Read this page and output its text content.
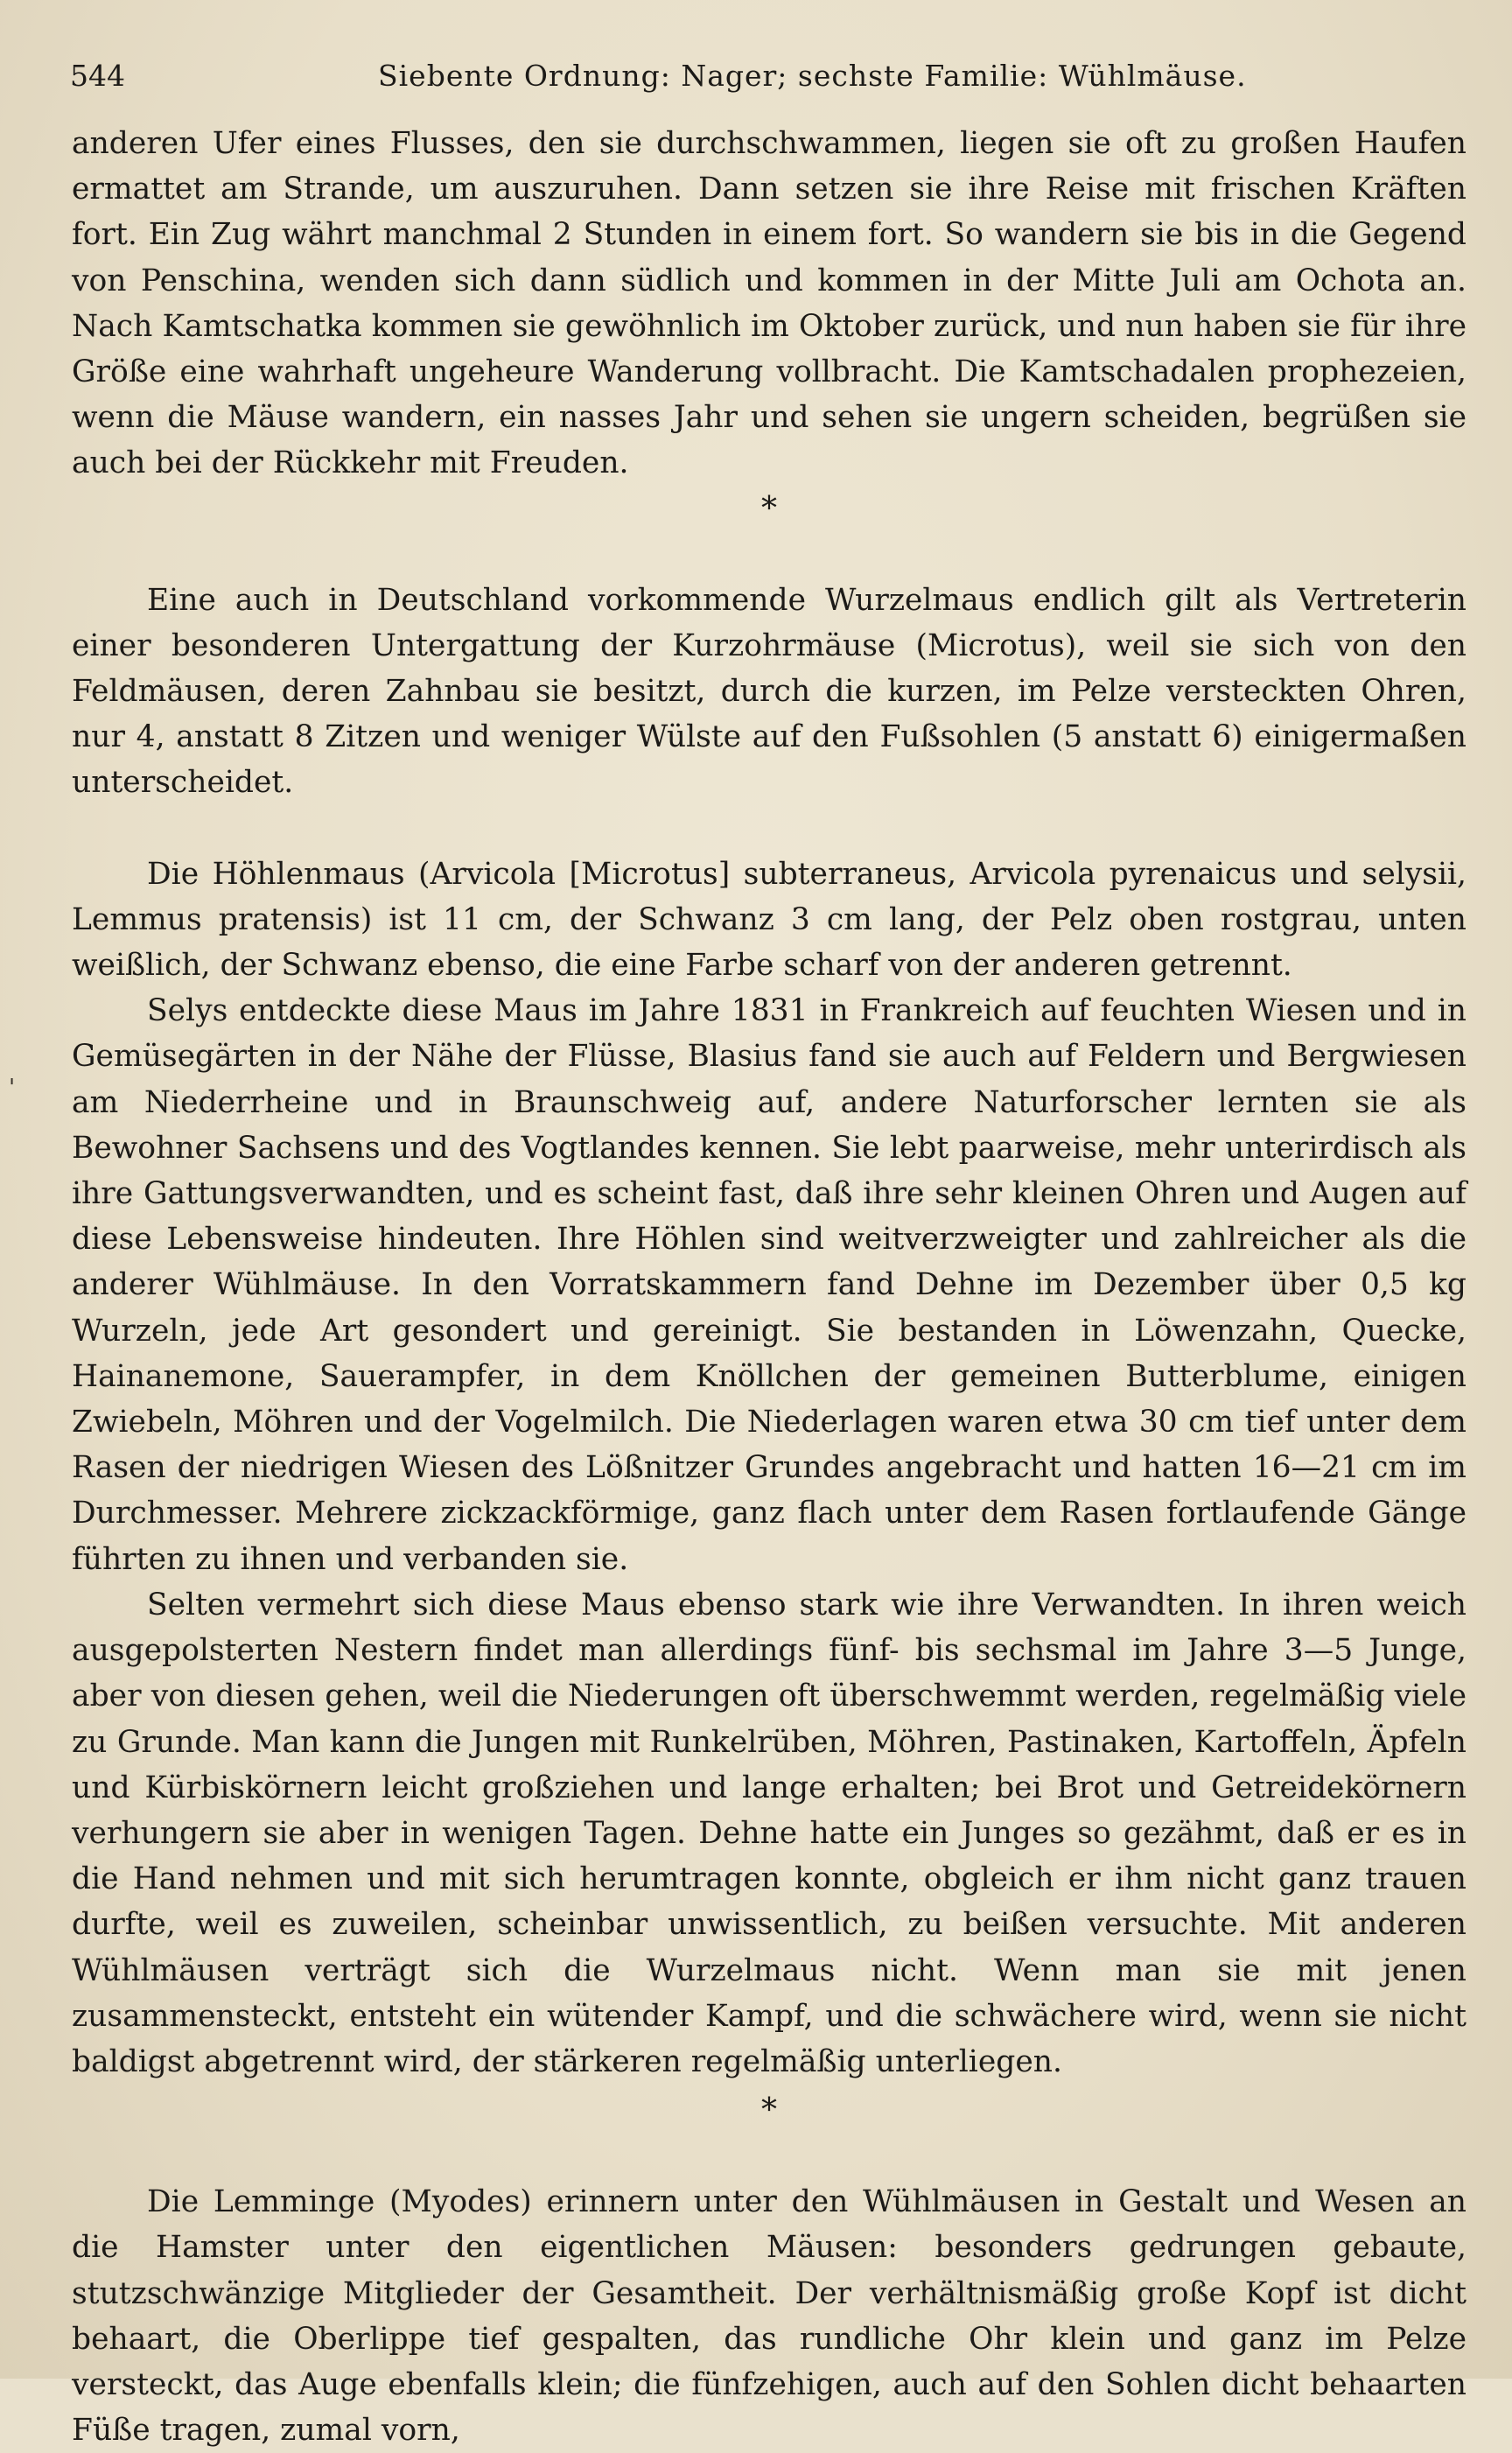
544	Siebente Ordnung: Nager; sechste Familie: Wühlmäuse.
'

anderen Ufer eines Flusses, den sie durchschwammen, liegen sie oft zu großen Haufen ermattet am Strande, um auszuruhen. Dann setzen sie ihre Reise mit frischen Kräften fort. Ein Zug währt manchmal 2 Stunden in einem fort. So wandern sie bis in die Gegend von Penschina, wenden sich dann südlich und kommen in der Mitte Juli am Ochota an. Nach Kamtschatka kommen sie gewöhnlich im Oktober zurück, und nun haben sie für ihre Größe eine wahrhaft ungeheure Wanderung vollbracht. Die Kamtschadalen prophezeien, wenn die Mäuse wandern, ein nasses Jahr und sehen sie ungern scheiden, begrüßen sie auch bei der Rückkehr mit Freuden.

*

Eine auch in Deutschland vorkommende Wurzelmaus endlich gilt als Vertreterin einer besonderen Untergattung der Kurzohrmäuse (Microtus), weil sie sich von den Feldmäusen, deren Zahnbau sie besitzt, durch die kurzen, im Pelze versteckten Ohren, nur 4, anstatt 8 Zitzen und weniger Wülste auf den Fußsohlen (5 anstatt 6) einigermaßen unterscheidet.

Die Höhlenmaus (Arvicola [Microtus] subterraneus, Arvicola pyrenaicus und selysii, Lemmus pratensis) ist 11 cm, der Schwanz 3 cm lang, der Pelz oben rostgrau, unten weißlich, der Schwanz ebenso, die eine Farbe scharf von der anderen getrennt.

Selys entdeckte diese Maus im Jahre 1831 in Frankreich auf feuchten Wiesen und in Gemüsegärten in der Nähe der Flüsse, Blasius fand sie auch auf Feldern und Bergwiesen am Niederrheine und in Braunschweig auf, andere Naturforscher lernten sie als Bewohner Sachsens und des Vogtlandes kennen. Sie lebt paarweise, mehr unterirdisch als ihre Gattungsverwandten, und es scheint fast, daß ihre sehr kleinen Ohren und Augen auf diese Lebensweise hindeuten. Ihre Höhlen sind weitverzweigter und zahlreicher als die anderer Wühlmäuse. In den Vorratskammern fand Dehne im Dezember über 0,5 kg Wurzeln, jede Art gesondert und gereinigt. Sie bestanden in Löwenzahn, Quecke, Hainanemone, Sauerampfer, in dem Knöllchen der gemeinen Butterblume, einigen Zwiebeln, Möhren und der Vogelmilch. Die Niederlagen waren etwa 30 cm tief unter dem Rasen der niedrigen Wiesen des Lößnitzer Grundes angebracht und hatten 16—21 cm im Durchmesser. Mehrere zickzackförmige, ganz flach unter dem Rasen fortlaufende Gänge führten zu ihnen und verbanden sie.

Selten vermehrt sich diese Maus ebenso stark wie ihre Verwandten. In ihren weich ausgepolsterten Nestern findet man allerdings fünf- bis sechsmal im Jahre 3—5 Junge, aber von diesen gehen, weil die Niederungen oft überschwemmt werden, regelmäßig viele zu Grunde. Man kann die Jungen mit Runkelrüben, Möhren, Pastinaken, Kartoffeln, Äpfeln und Kürbiskörnern leicht großziehen und lange erhalten; bei Brot und Getreidekörnern verhungern sie aber in wenigen Tagen. Dehne hatte ein Junges so gezähmt, daß er es in die Hand nehmen und mit sich herumtragen konnte, obgleich er ihm nicht ganz trauen durfte, weil es zuweilen, scheinbar unwissentlich, zu beißen versuchte. Mit anderen Wühlmäusen verträgt sich die Wurzelmaus nicht. Wenn man sie mit jenen zusammensteckt, entsteht ein wütender Kampf, und die schwächere wird, wenn sie nicht baldigst abgetrennt wird, der stärkeren regelmäßig unterliegen.

*

Die Lemminge (Myodes) erinnern unter den Wühlmäusen in Gestalt und Wesen an die Hamster unter den eigentlichen Mäusen: besonders gedrungen gebaute, stutzschwänzige Mitglieder der Gesamtheit. Der verhältnismäßig große Kopf ist dicht behaart, die Oberlippe tief gespalten, das rundliche Ohr klein und ganz im Pelze versteckt, das Auge ebenfalls klein; die fünfzehigen, auch auf den Sohlen dicht behaarten Füße tragen, zumal vorn,
